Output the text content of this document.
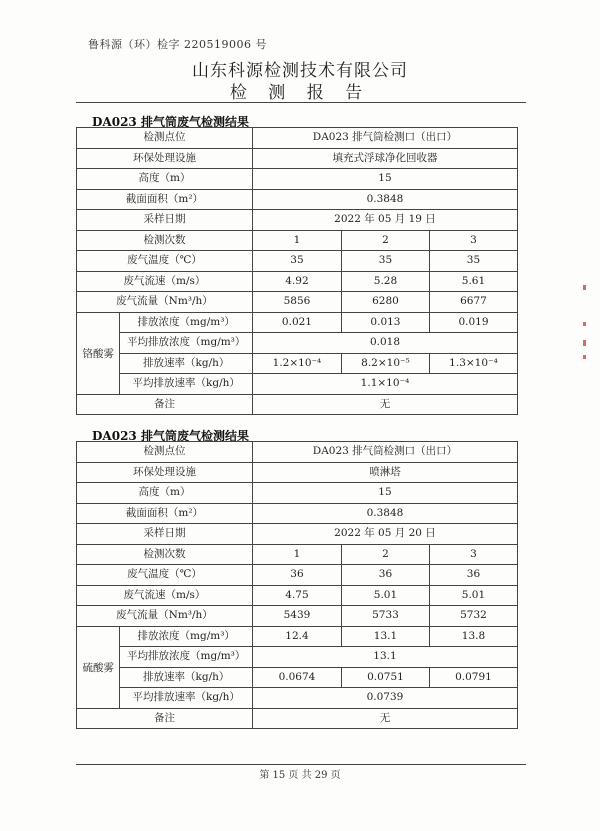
鲁科源（环）检字 220519006 号
山东科源检测技术有限公司
检 测 报 告
DA023 排气筒废气检测结果
检测点位		DA023 排气筒检测口（出口）		
环保处理设施		填充式浮球净化回收器		
高度（m）		15		
截面面积（m²）		0.3848		
采样日期		2022 年 05 月 19 日		
检测次数		1	2	3
废气温度（℃）		35	35	35
废气流速（m/s）		4.92	5.28	5.61
废气流量（Nm³/h）		5856	6280	6677
铬酸雾	排放浓度（mg/m³）	0.021	0.013	0.019
	平均排放浓度（mg/m³）	0.018		
	排放速率（kg/h）	1.2×10⁻⁴	8.2×10⁻⁵	1.3×10⁻⁴
	平均排放速率（kg/h）	1.1×10⁻⁴		
备注		无		
DA023 排气筒废气检测结果
检测点位		DA023 排气筒检测口（出口）		
环保处理设施		喷淋塔		
高度（m）		15		
截面面积（m²）		0.3848		
采样日期		2022 年 05 月 20 日		
检测次数		1	2	3
废气温度（℃）		36	36	36
废气流速（m/s）		4.75	5.01	5.01
废气流量（Nm³/h）		5439	5733	5732
硫酸雾	排放浓度（mg/m³）	12.4	13.1	13.8
	平均排放浓度（mg/m³）	13.1		
	排放速率（kg/h）	0.0674	0.0751	0.0791
	平均排放速率（kg/h）	0.0739		
备注		无		
第 15 页 共 29 页
